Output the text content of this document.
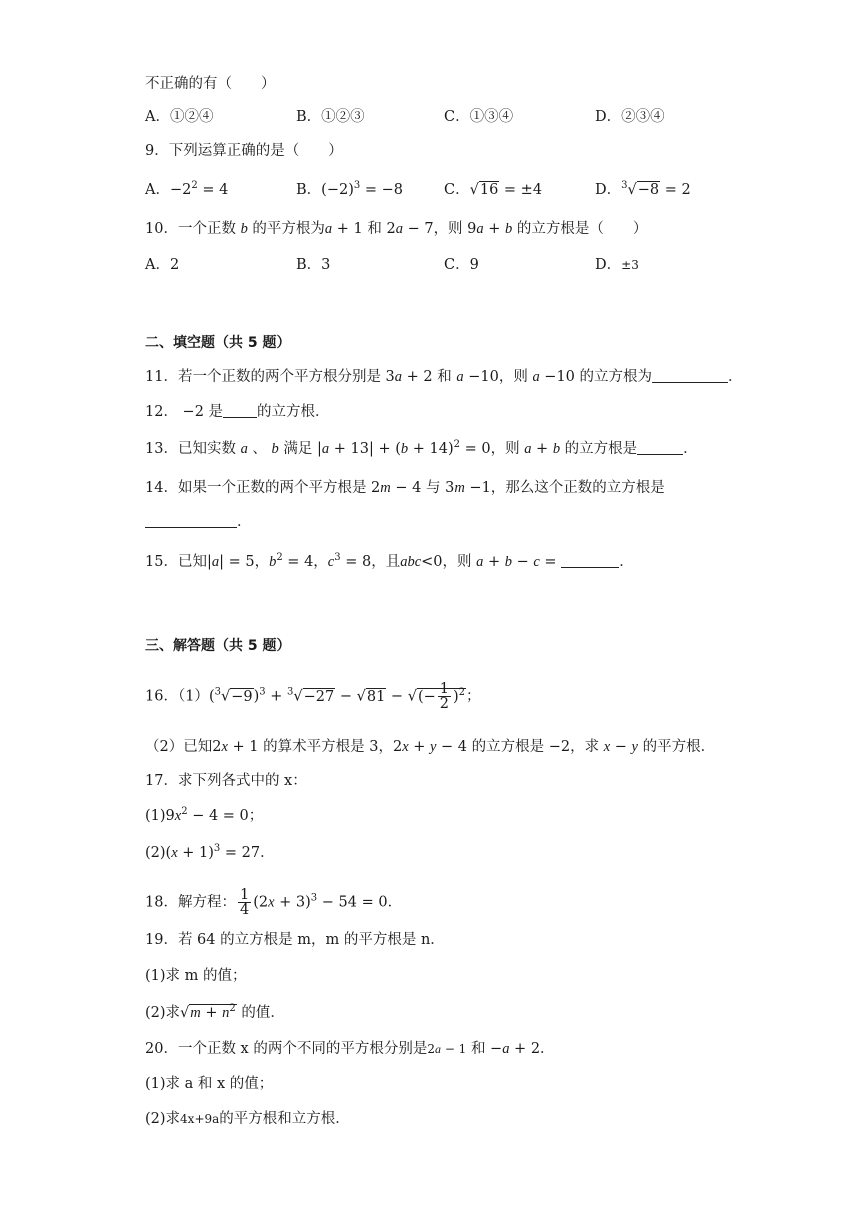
不正确的有（　　）
A．①②④	B．①②③	C．①③④	D．②③④
9．下列运算正确的是（　　）
A．$-2^2 = 4$	B．$(-2)^3 = -8$	C．√16 = ±4	D．$^3$√−8 = 2
10．一个正数 b 的平方根为a + 1 和 2a − 7，则 9a + b 的立方根是（　　）
A．2	B．3	C．9	D．±3
二、填空题（共 5 题）
11．若一个正数的两个平方根分别是 3a + 2 和 a −10，则 a −10 的立方根为	．
12． −2 是 的立方根．
13．已知实数 a 、 b 满足 $|a + 13| + (b + 14)^2 = 0$，则 a + b 的立方根是	．
14．如果一个正数的两个平方根是 2m − 4 与 3m −1，那么这个正数的立方根是
．
15．已知|a| = 5，$b^2 = 4$，$c^3 = 8$，且abc<0，则 a + b − c =	．
三、解答题（共 5 题）
16．$(1)(^3√-9)^3 + ^3√-27 - √81$ − √(− $\frac{1}{2} )^2$；
（2）已知2x + 1 的算术平方根是 3，2x + y − 4 的立方根是 −2，求 x − y 的平方根．
17．求下列各式中的 x：
$(1)9x^2 - 4 = 0$；
$(2)(x + 1)^3 = 27$．
18．解方程： $\frac{1}{4} (2x + 3)^3 - 54 = 0$．
19．若 64 的立方根是 m，m 的平方根是 n．
(1)求 m 的值；
(2)求$√m + n^2$ 的值．
20．一个正数 x 的两个不同的平方根分别是2a − 1 和 −a + 2．
(1)求 a 和 x 的值；
(2)求4x+9a的平方根和立方根．
